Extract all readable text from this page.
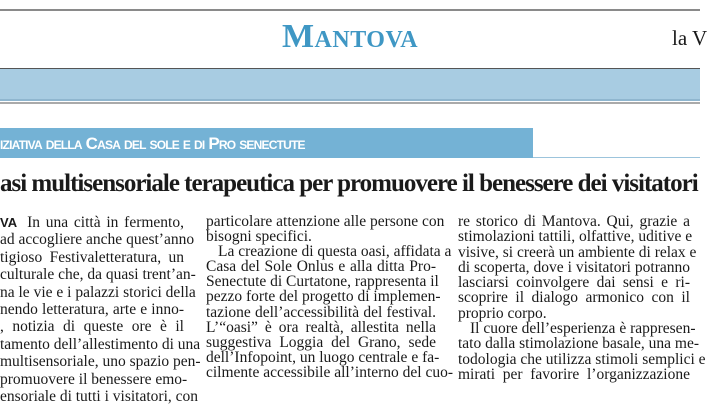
Mantova	la V
iziativa della Casa del sole e di Pro senectute
asi multisensoriale terapeutica per promuovere il benessere dei visitatori
VA In una città in fermento,
ad accogliere anche quest’anno
tigioso Festivaletteratura, un
culturale che, da quasi trent’an-
na le vie e i palazzi storici della
nendo letteratura, arte e inno-
, notizia di queste ore è il
tamento dell’allestimento di una
multisensoriale, uno spazio pen-
promuovere il benessere emo-
ensoriale di tutti i visitatori, con
particolare attenzione alle persone con
bisogni specifici.
La creazione di questa oasi, affidata a
Casa del Sole Onlus e alla ditta Pro-
Senectute di Curtatone, rappresenta il
pezzo forte del progetto di implemen-
tazione dell’accessibilità del festival.
L’“oasi” è ora realtà, allestita nella
suggestiva Loggia del Grano, sede
dell’Infopoint, un luogo centrale e fa-
cilmente accessibile all’interno del cuo-
re storico di Mantova. Qui, grazie a
stimolazioni tattili, olfattive, uditive e
visive, si creerà un ambiente di relax e
di scoperta, dove i visitatori potranno
lasciarsi coinvolgere dai sensi e ri-
scoprire il dialogo armonico con il
proprio corpo.
Il cuore dell’esperienza è rappresen-
tato dalla stimolazione basale, una me-
todologia che utilizza stimoli semplici e
mirati per favorire l’organizzazione
